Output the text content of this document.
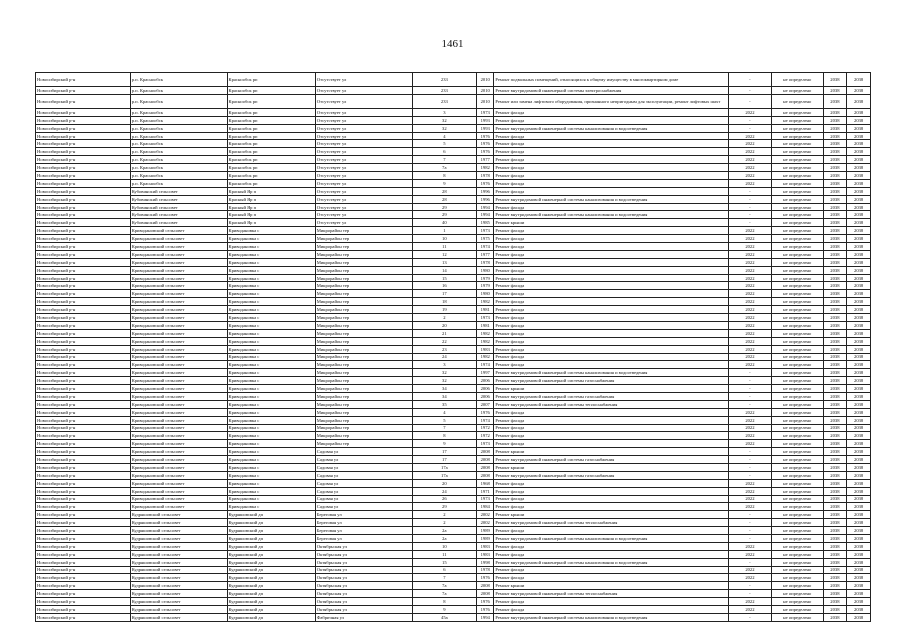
1461
Новосибирский р-н	р.п. Краснообск	Краснообск рп	Отсутствует ул	233	2010	Ремонт подвальных помещений, относящихся к общему имуществу в многоквартирном доме	-	не определено	2038	2038
Новосибирский р-н	р.п. Краснообск	Краснообск рп	Отсутствует ул	233	2010	Ремонт внутридомовой инженерной системы электроснабжения	-	не определено	2038	2038
Новосибирский р-н	р.п. Краснообск	Краснообск рп	Отсутствует ул	233	2010	Ремонт или замена лифтового оборудования, признанного непригодным для эксплуатации, ремонт лифтовых шахт	-	не определено	2038	2038
Новосибирский р-н	р.п. Краснообск	Краснообск рп	Отсутствует ул	3	1973	Ремонт фасада	2022	не определено	2038	2038
Новосибирский р-н	р.п. Краснообск	Краснообск рп	Отсутствует ул	32	1993	Ремонт фасада	-	не определено	2038	2038
Новосибирский р-н	р.п. Краснообск	Краснообск рп	Отсутствует ул	32	1993	Ремонт внутридомовой инженерной системы канализования и водоотведения	-	не определено	2038	2038
Новосибирский р-н	р.п. Краснообск	Краснообск рп	Отсутствует ул	4	1976	Ремонт фасада	2022	не определено	2038	2038
Новосибирский р-н	р.п. Краснообск	Краснообск рп	Отсутствует ул	5	1976	Ремонт фасада	2022	не определено	2038	2038
Новосибирский р-н	р.п. Краснообск	Краснообск рп	Отсутствует ул	6	1976	Ремонт фасада	2022	не определено	2038	2038
Новосибирский р-н	р.п. Краснообск	Краснообск рп	Отсутствует ул	7	1977	Ремонт фасада	2022	не определено	2038	2038
Новосибирский р-н	р.п. Краснообск	Краснообск рп	Отсутствует ул	7а	1982	Ремонт фасада	2022	не определено	2038	2038
Новосибирский р-н	р.п. Краснообск	Краснообск рп	Отсутствует ул	8	1978	Ремонт фасада	2022	не определено	2038	2038
Новосибирский р-н	р.п. Краснообск	Краснообск рп	Отсутствует ул	9	1976	Ремонт фасада	2022	не определено	2038	2038
Новосибирский р-н	Кубовинский сельсовет	Красный Яр п	Отсутствует ул	28	1996	Ремонт фасада	-	не определено	2038	2038
Новосибирский р-н	Кубовинский сельсовет	Красный Яр п	Отсутствует ул	28	1996	Ремонт внутридомовой инженерной системы канализования и водоотведения	-	не определено	2038	2038
Новосибирский р-н	Кубовинский сельсовет	Красный Яр п	Отсутствует ул	29	1994	Ремонт фасада	-	не определено	2038	2038
Новосибирский р-н	Кубовинский сельсовет	Красный Яр п	Отсутствует ул	29	1994	Ремонт внутридомовой инженерной системы канализования и водоотведения	-	не определено	2038	2038
Новосибирский р-н	Кубовинский сельсовет	Красный Яр п	Отсутствует ул	40	1985	Ремонт крыши	-	не определено	2038	2038
Новосибирский р-н	Криводановский сельсовет	Криводановка с	Микрорайон тер	1	1973	Ремонт фасада	2022	не определено	2038	2038
Новосибирский р-н	Криводановский сельсовет	Криводановка с	Микрорайон тер	10	1975	Ремонт фасада	2022	не определено	2038	2038
Новосибирский р-н	Криводановский сельсовет	Криводановка с	Микрорайон тер	11	1974	Ремонт фасада	2022	не определено	2038	2038
Новосибирский р-н	Криводановский сельсовет	Криводановка с	Микрорайон тер	12	1977	Ремонт фасада	2022	не определено	2038	2038
Новосибирский р-н	Криводановский сельсовет	Криводановка с	Микрорайон тер	13	1978	Ремонт фасада	2022	не определено	2038	2038
Новосибирский р-н	Криводановский сельсовет	Криводановка с	Микрорайон тер	14	1980	Ремонт фасада	2022	не определено	2038	2038
Новосибирский р-н	Криводановский сельсовет	Криводановка с	Микрорайон тер	15	1979	Ремонт фасада	2022	не определено	2038	2038
Новосибирский р-н	Криводановский сельсовет	Криводановка с	Микрорайон тер	16	1979	Ремонт фасада	2022	не определено	2038	2038
Новосибирский р-н	Криводановский сельсовет	Криводановка с	Микрорайон тер	17	1980	Ремонт фасада	2022	не определено	2038	2038
Новосибирский р-н	Криводановский сельсовет	Криводановка с	Микрорайон тер	18	1982	Ремонт фасада	2022	не определено	2038	2038
Новосибирский р-н	Криводановский сельсовет	Криводановка с	Микрорайон тер	19	1981	Ремонт фасада	2022	не определено	2038	2038
Новосибирский р-н	Криводановский сельсовет	Криводановка с	Микрорайон тер	2	1973	Ремонт фасада	2022	не определено	2038	2038
Новосибирский р-н	Криводановский сельсовет	Криводановка с	Микрорайон тер	20	1981	Ремонт фасада	2022	не определено	2038	2038
Новосибирский р-н	Криводановский сельсовет	Криводановка с	Микрорайон тер	21	1982	Ремонт фасада	2022	не определено	2038	2038
Новосибирский р-н	Криводановский сельсовет	Криводановка с	Микрорайон тер	22	1982	Ремонт фасада	2022	не определено	2038	2038
Новосибирский р-н	Криводановский сельсовет	Криводановка с	Микрорайон тер	23	1983	Ремонт фасада	2022	не определено	2038	2038
Новосибирский р-н	Криводановский сельсовет	Криводановка с	Микрорайон тер	24	1982	Ремонт фасада	2022	не определено	2038	2038
Новосибирский р-н	Криводановский сельсовет	Криводановка с	Микрорайон тер	3	1974	Ремонт фасада	2022	не определено	2038	2038
Новосибирский р-н	Криводановский сельсовет	Криводановка с	Микрорайон тер	32	1997	Ремонт внутридомовой инженерной системы канализования и водоотведения	-	не определено	2038	2038
Новосибирский р-н	Криводановский сельсовет	Криводановка с	Микрорайон тер	32	2006	Ремонт внутридомовой инженерной системы газоснабжения	-	не определено	2038	2038
Новосибирский р-н	Криводановский сельсовет	Криводановка с	Микрорайон тер	34	2006	Ремонт крыши	-	не определено	2038	2038
Новосибирский р-н	Криводановский сельсовет	Криводановка с	Микрорайон тер	34	2006	Ремонт внутридомовой инженерной системы газоснабжения	-	не определено	2038	2038
Новосибирский р-н	Криводановский сельсовет	Криводановка с	Микрорайон тер	35	2007	Ремонт внутридомовой инженерной системы теплоснабжения	-	не определено	2038	2038
Новосибирский р-н	Криводановский сельсовет	Криводановка с	Микрорайон тер	4	1976	Ремонт фасада	2022	не определено	2038	2038
Новосибирский р-н	Криводановский сельсовет	Криводановка с	Микрорайон тер	5	1974	Ремонт фасада	2022	не определено	2038	2038
Новосибирский р-н	Криводановский сельсовет	Криводановка с	Микрорайон тер	7	1972	Ремонт фасада	2022	не определено	2038	2038
Новосибирский р-н	Криводановский сельсовет	Криводановка с	Микрорайон тер	8	1972	Ремонт фасада	2022	не определено	2038	2038
Новосибирский р-н	Криводановский сельсовет	Криводановка с	Микрорайон тер	9	1973	Ремонт фасада	2022	не определено	2038	2038
Новосибирский р-н	Криводановский сельсовет	Криводановка с	Садовая ул	17	2008	Ремонт крыши	-	не определено	2038	2038
Новосибирский р-н	Криводановский сельсовет	Криводановка с	Садовая ул	17	2008	Ремонт внутридомовой инженерной системы газоснабжения	-	не определено	2038	2038
Новосибирский р-н	Криводановский сельсовет	Криводановка с	Садовая ул	17а	2008	Ремонт крыши	-	не определено	2038	2038
Новосибирский р-н	Криводановский сельсовет	Криводановка с	Садовая ул	17а	2008	Ремонт внутридомовой инженерной системы газоснабжения	-	не определено	2038	2038
Новосибирский р-н	Криводановский сельсовет	Криводановка с	Садовая ул	20	1968	Ремонт фасада	2022	не определено	2038	2038
Новосибирский р-н	Криводановский сельсовет	Криводановка с	Садовая ул	24	1971	Ремонт фасада	2022	не определено	2038	2038
Новосибирский р-н	Криводановский сельсовет	Криводановка с	Садовая ул	26	1973	Ремонт фасада	2022	не определено	2038	2038
Новосибирский р-н	Криводановский сельсовет	Криводановка с	Садовая ул	29	1984	Ремонт фасада	2022	не определено	2038	2038
Новосибирский р-н	Кудряшовский сельсовет	Кудряшовский дп	Береговая ул	2	2002	Ремонт крыши	-	не определено	2038	2038
Новосибирский р-н	Кудряшовский сельсовет	Кудряшовский дп	Береговая ул	2	2002	Ремонт внутридомовой инженерной системы теплоснабжения	-	не определено	2038	2038
Новосибирский р-н	Кудряшовский сельсовет	Кудряшовский дп	Береговая ул	2а	1989	Ремонт фасада	-	не определено	2038	2038
Новосибирский р-н	Кудряшовский сельсовет	Кудряшовский дп	Береговая ул	2а	1989	Ремонт внутридомовой инженерной системы канализования и водоотведения	-	не определено	2038	2038
Новосибирский р-н	Кудряшовский сельсовет	Кудряшовский дп	Октябрьская ул	10	1983	Ремонт фасада	2022	не определено	2038	2038
Новосибирский р-н	Кудряшовский сельсовет	Кудряшовский дп	Октябрьская ул	11	1983	Ремонт фасада	2022	не определено	2038	2038
Новосибирский р-н	Кудряшовский сельсовет	Кудряшовский дп	Октябрьская ул	15	1998	Ремонт внутридомовой инженерной системы канализования и водоотведения	-	не определено	2038	2038
Новосибирский р-н	Кудряшовский сельсовет	Кудряшовский дп	Октябрьская ул	6	1978	Ремонт фасада	2022	не определено	2038	2038
Новосибирский р-н	Кудряшовский сельсовет	Кудряшовский дп	Октябрьская ул	7	1976	Ремонт фасада	2022	не определено	2038	2038
Новосибирский р-н	Кудряшовский сельсовет	Кудряшовский дп	Октябрьская ул	7а	2008	Ремонт крыши	-	не определено	2038	2038
Новосибирский р-н	Кудряшовский сельсовет	Кудряшовский дп	Октябрьская ул	7а	2008	Ремонт внутридомовой инженерной системы теплоснабжения	-	не определено	2038	2038
Новосибирский р-н	Кудряшовский сельсовет	Кудряшовский дп	Октябрьская ул	8	1976	Ремонт фасада	2022	не определено	2038	2038
Новосибирский р-н	Кудряшовский сельсовет	Кудряшовский дп	Октябрьская ул	9	1976	Ремонт фасада	2022	не определено	2038	2038
Новосибирский р-н	Кудряшовский сельсовет	Кудряшовский дп	Фабричная ул	45а	1994	Ремонт внутридомовой инженерной системы канализования и водоотведения	-	не определено	2038	2038
